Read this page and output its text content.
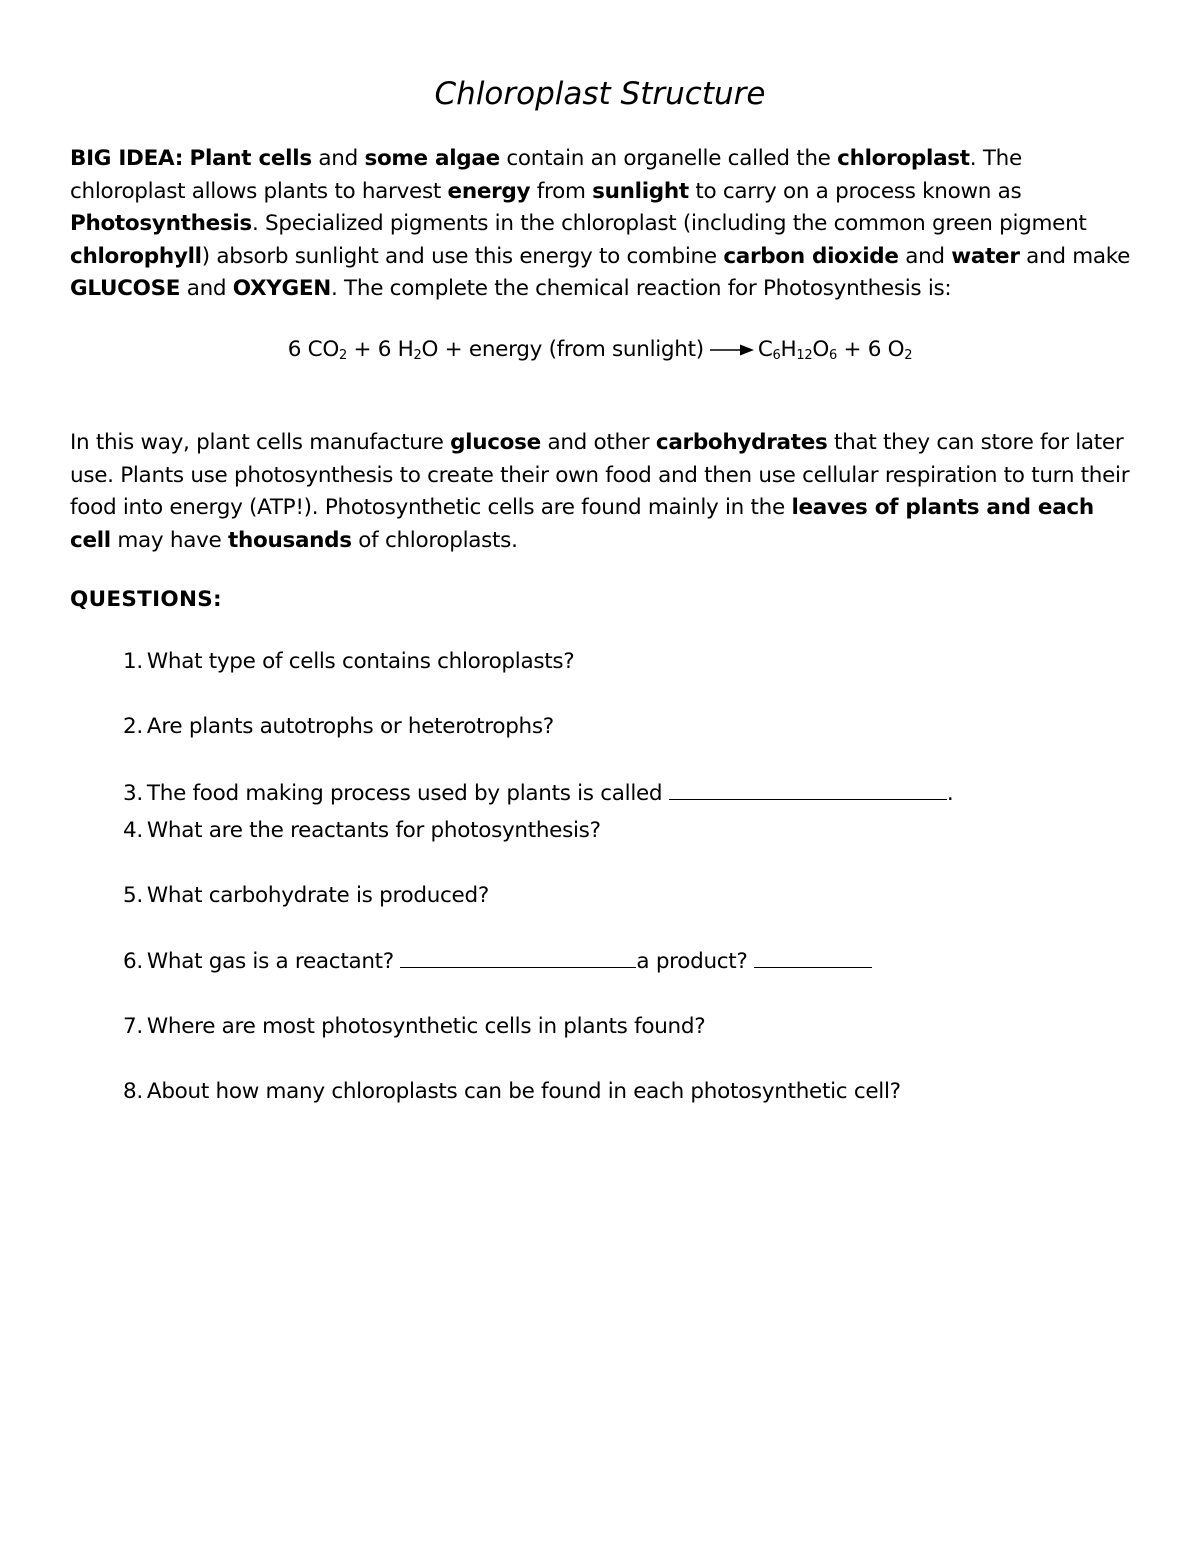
Chloroplast Structure
BIG IDEA: Plant cells and some algae contain an organelle called the chloroplast. The chloroplast allows plants to harvest energy from sunlight to carry on a process known as Photosynthesis. Specialized pigments in the chloroplast (including the common green pigment chlorophyll) absorb sunlight and use this energy to combine carbon dioxide and water and make GLUCOSE and OXYGEN. The complete the chemical reaction for Photosynthesis is:
6 $CO_2 + 6$ $H_2O$ + energy (from sunlight) → $C_6H_{12}O_6 + 6$ $O_2$
In this way, plant cells manufacture glucose and other carbohydrates that they can store for later use. Plants use photosynthesis to create their own food and then use cellular respiration to turn their food into energy (ATP!). Photosynthetic cells are found mainly in the leaves of plants and each cell may have thousands of chloroplasts.
QUESTIONS:
1. What type of cells contains chloroplasts?
2. Are plants autotrophs or heterotrophs?
3. The food making process used by plants is called	.
4. What are the reactants for photosynthesis?
5. What carbohydrate is produced?
6. What gas is a reactant?	a product?
7. Where are most photosynthetic cells in plants found?
8. About how many chloroplasts can be found in each photosynthetic cell?
